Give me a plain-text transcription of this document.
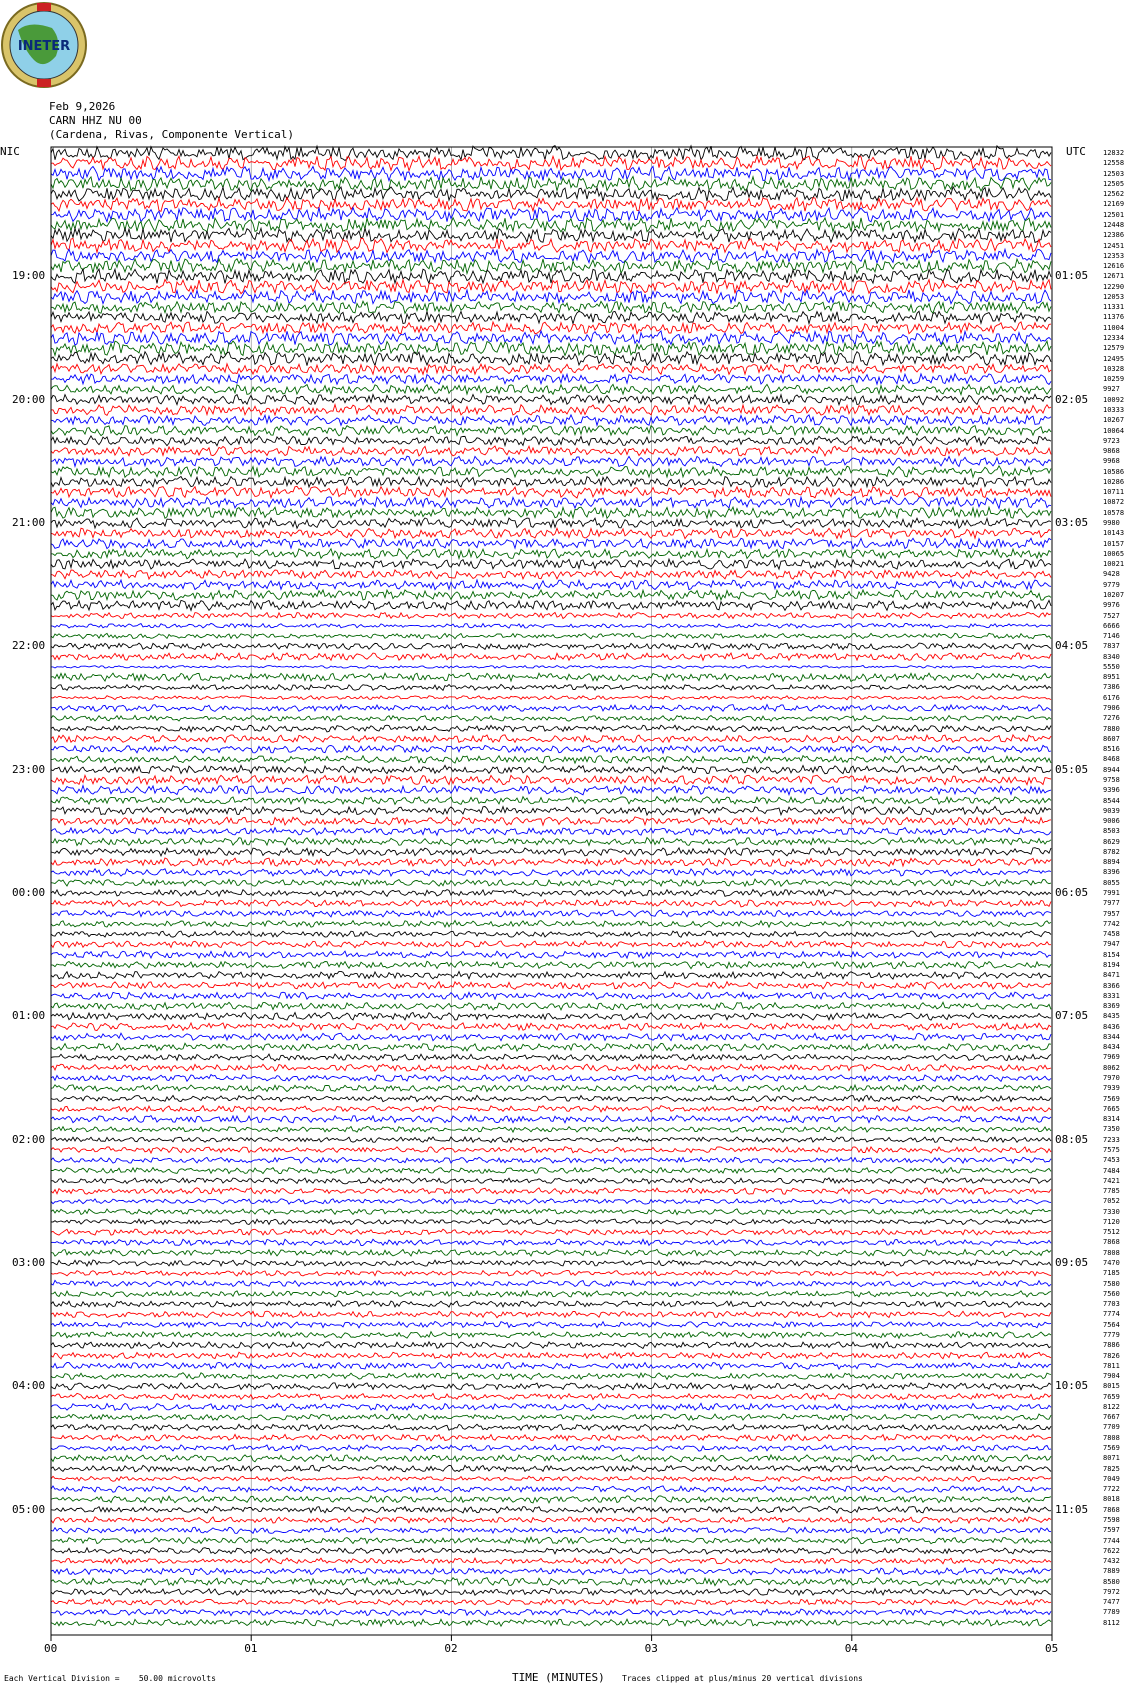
INETER
Feb 9,2026
CARN HHZ NU 00
(Cardena, Rivas, Componente Vertical)
NIC	UTC
19:00
20:00
21:00
22:00
23:00
00:00
01:00
02:00
03:00
04:00
05:00
01:05
02:05
03:05
04:05
05:05
06:05
07:05
08:05
09:05
10:05
11:05
12832
12558
12503
12505
12562
12169
12501
12448
12386
12451
12353
12616
12671
12290
12053
11331
11376
11004
12334
12579
12495
10328
10259
9927
10092
10333
10267
10064
9723
9868
9968
10586
10286
10711
10872
10578
9980
10143
10157
10065
10021
9428
9779
10207
9976
7527
6666
7146
7837
8340
5550
8951
7386
6176
7906
7276
7880
8607
8516
8468
8944
9758
9396
8544
9039
9006
8503
8629
8782
8894
8396
8055
7991
7977
7957
7742
7458
7947
8154
8194
8471
8366
8331
8369
8435
8436
8344
8434
7969
8062
7970
7939
7569
7665
8314
7350
7233
7575
7453
7484
7421
7785
7052
7330
7120
7512
7868
7808
7470
7185
7580
7560
7703
7774
7564
7779
7886
7826
7811
7904
8015
7659
8122
7667
7709
7808
7569
8071
7825
7049
7722
8018
7868
7598
7597
7744
7622
7432
7889
8580
7972
7477
7789
8112
00	01	02	03	04	05
TIME (MINUTES)
Each Vertical Division =    50.00 microvolts	Traces clipped at plus/minus 20 vertical divisions
